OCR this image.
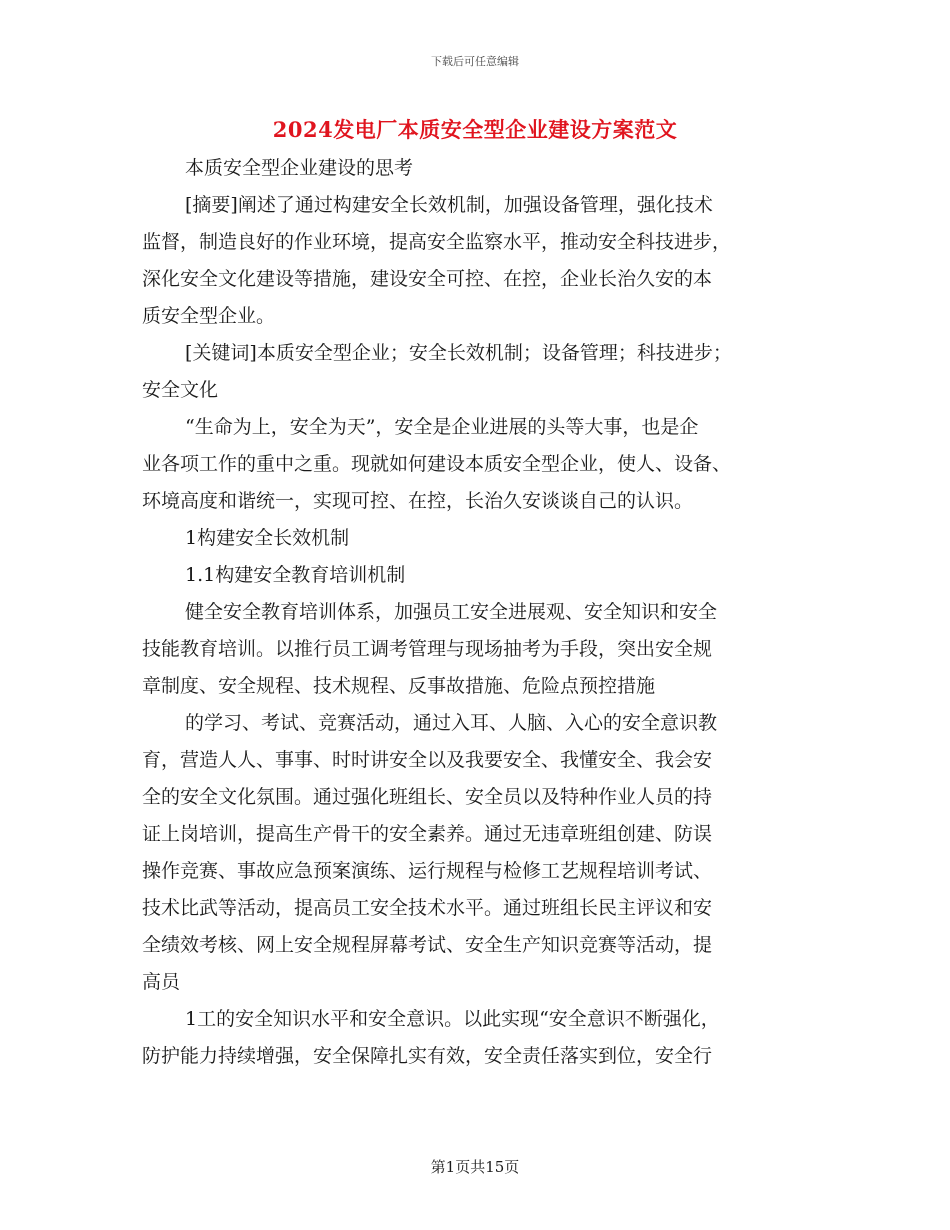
下载后可任意编辑
2024发电厂本质安全型企业建设方案范文
本质安全型企业建设的思考
[摘要]阐述了通过构建安全长效机制，加强设备管理，强化技术
监督，制造良好的作业环境，提高安全监察水平，推动安全科技进步，
深化安全文化建设等措施，建设安全可控、在控，企业长治久安的本
质安全型企业。
[关键词]本质安全型企业；安全长效机制；设备管理；科技进步；
安全文化
“生命为上，安全为天”，安全是企业进展的头等大事，也是企
业各项工作的重中之重。现就如何建设本质安全型企业，使人、设备、
环境高度和谐统一，实现可控、在控，长治久安谈谈自己的认识。
1构建安全长效机制
1.1构建安全教育培训机制
健全安全教育培训体系，加强员工安全进展观、安全知识和安全
技能教育培训。以推行员工调考管理与现场抽考为手段，突出安全规
章制度、安全规程、技术规程、反事故措施、危险点预控措施
的学习、考试、竞赛活动，通过入耳、人脑、入心的安全意识教
育，营造人人、事事、时时讲安全以及我要安全、我懂安全、我会安
全的安全文化氛围。通过强化班组长、安全员以及特种作业人员的持
证上岗培训，提高生产骨干的安全素养。通过无违章班组创建、防误
操作竞赛、事故应急预案演练、运行规程与检修工艺规程培训考试、
技术比武等活动，提高员工安全技术水平。通过班组长民主评议和安
全绩效考核、网上安全规程屏幕考试、安全生产知识竞赛等活动，提
高员
1工的安全知识水平和安全意识。以此实现“安全意识不断强化，
防护能力持续增强，安全保障扎实有效，安全责任落实到位，安全行
第1页共15页
